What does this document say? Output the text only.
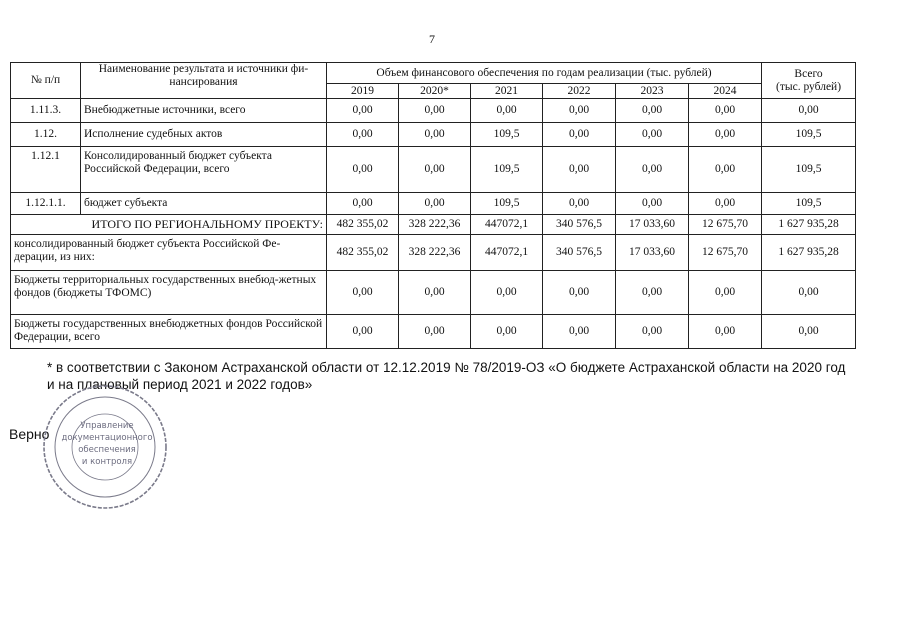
7
№ п/п	Наименование результата и источники фи-нансирования	Объем финансового обеспечения по годам реализации (тыс. рублей)						Всего
(тыс. рублей)

		2019	2020*	2021	2022	2023	2024	
1.11.3.	Внебюджетные источники, всего	0,00	0,00	0,00	0,00	0,00	0,00	0,00
1.12.	Исполнение судебных актов	0,00	0,00	109,5	0,00	0,00	0,00	109,5
1.12.1	Консолидированный бюджет субъекта Российской Федерации, всего	0,00	0,00	109,5	0,00	0,00	0,00	109,5
1.12.1.1.	бюджет субъекта	0,00	0,00	109,5	0,00	0,00	0,00	109,5
ИТОГО ПО РЕГИОНАЛЬНОМУ ПРОЕКТУ:		482 355,02	328 222,36	447072,1	340 576,5	17 033,60	12 675,70	1 627 935,28
консолидированный бюджет субъекта Российской Фе-дерации, из них:		482 355,02	328 222,36	447072,1	340 576,5	17 033,60	12 675,70	1 627 935,28
Бюджеты территориальных государственных внебюд-жетных фондов (бюджеты ТФОМС)		0,00	0,00	0,00	0,00	0,00	0,00	0,00
Бюджеты государственных внебюджетных фондов Российской Федерации, всего		0,00	0,00	0,00	0,00	0,00	0,00	0,00
* в соответствии с Законом Астраханской области от 12.12.2019 № 78/2019-ОЗ «О бюджете Астраханской области на 2020 год и на плановый период 2021 и 2022 годов»
Верно	Управление
документационного
обеспечения
и контроля
